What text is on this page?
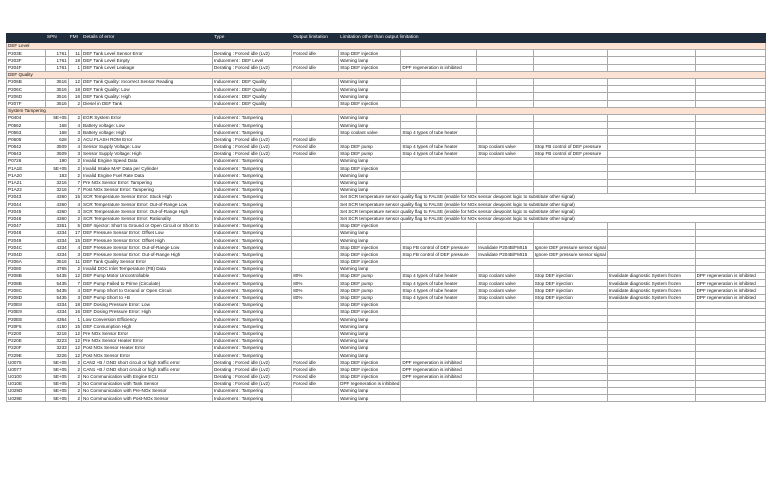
	SPN	FMI	Details of error	Type	Output limitation	Limitation other than output limitation					
DEF Level											
P203E	1761	11	DEF Tank Level Sensor Error	Derating : Forced idle (Lv2)	Forced idle	Stop DEF injection					
P203F	1761	18	DEF Tank Level Empty	Inducement : DEF Level		Warning lamp					
P204F	1761	1	DEF Tank Level Leakage	Derating : Forced idle (Lv2)	Forced idle	Stop DEF injection	DPF regeneration is inhibited				
DEF Quality											
P206B	3516	12	DEF Tank Quality: Incorrect Sensor Reading	Inducement : DEF Quality		Warning lamp					
P206C	3516	18	DEF Tank Quality: Low	Inducement : DEF Quality		Warning lamp					
P206D	3516	16	DEF Tank Quality: High	Inducement : DEF Quality		Warning lamp					
P207F	3516	2	Diesel in DEF Tank	Inducement : DEF Quality		Stop DEF injection					
System Tampering											
P0404	5E+05	2	EGR System Error	Inducement : Tampering		Warning lamp					
P0562	168	4	Battery voltage: Low	Inducement : Tampering		Warning lamp					
P0563	168	3	Battery voltage: High	Inducement : Tampering		Stop coolant valve	Stop 4 types of tube heater				
P0605	628	2	ACU FLASH ROM Error	Derating : Forced idle (Lv2)	Forced idle						
P0642	3509	4	Sensor Supply Voltage: Low	Derating : Forced idle (Lv2)	Forced idle	Stop DEF pump	Stop 4 types of tube heater	Stop coolant valve	Stop FB control of DEF pressure		
P0643	3509	3	Sensor Supply Voltage: High	Derating : Forced idle (Lv2)	Forced idle	Stop DEF pump	Stop 4 types of tube heater	Stop coolant valve	Stop FB control of DEF pressure		
P0726	190	2	Invalid Engine Speed Data	Inducement : Tampering		Warning lamp					
P1A1E	5E+05	2	Invalid Intake MAF Data per Cylinder	Inducement : Tampering		Stop DEF injection					
P1A20	183	2	Invalid Engine Fuel Rate Data	Inducement : Tampering		Warning lamp					
P1A21	3216	7	Pre NOx Sensor Error: Tampering	Inducement : Tampering		Warning lamp					
P1A22	3216	7	Post NOx Sensor Error: Tampering	Inducement : Tampering		Warning lamp					
P2043	4360	15	SCR Temperature Sensor Error: Stuck High	Inducement : Tampering		Set SCR temperature sensor quality flag to FALSE (enable for NOx sensor dewpoint logic to substitute other signal)					
P2044	4360	4	SCR Temperature Sensor Error: Out-of-Range Low	Inducement : Tampering		Set SCR temperature sensor quality flag to FALSE (enable for NOx sensor dewpoint logic to substitute other signal)					
P2045	4360	3	SCR Temperature Sensor Error: Out-of-Range High	Inducement : Tampering		Set SCR temperature sensor quality flag to FALSE (enable for NOx sensor dewpoint logic to substitute other signal)					
P2046	4360	2	SCR Temperature Sensor Error: Rationality	Inducement : Tampering		Set SCR temperature sensor quality flag to FALSE (enable for NOx sensor dewpoint logic to substitute other signal)					
P2047	3361	5	DEF Injector: Short to Ground or Open Circuit or Short to	Inducement : Tampering		Stop DEF injection					
P2048	4334	17	DEF Pressure Sensor Error: Offset Low	Inducement : Tampering		Warning lamp					
P2049	4334	15	DEF Pressure Sensor Error: Offset High	Inducement : Tampering		Warning lamp					
P204C	4334	4	DEF Pressure Sensor Error: Out-of-Range Low	Inducement : Tampering		Stop DEF injection	Stop FB control of DEF pressure	Invalidate P204B/FMI15	Ignore DEF pressure sensor signal		
P204D	4334	3	DEF Pressure Sensor Error: Out-of-Range High	Inducement : Tampering		Stop DEF injection	Stop FB control of DEF pressure	Invalidate P204B/FMI15	Ignore DEF pressure sensor signal		
P206A	3516	11	DEF Tank Quality Sensor Error	Inducement : Tampering		Stop DEF injection					
P2080	4765	2	Invalid DOC Inlet Temperature (FB) Data	Inducement : Tampering		Warning lamp					
P208B	5435	12	DEF Pump Motor Uncontrollable	Inducement : Tampering	80%	Stop DEF pump	Stop 4 types of tube heater	Stop coolant valve	Stop DEF injection	Invalidate diagnostic System frozen	DPF regeneration is inhibited
P208B	5435	7	DEF Pump Failed to Prime (Circulate)	Inducement : Tampering	80%	Stop DEF pump	Stop 4 types of tube heater	Stop coolant valve	Stop DEF injection	Invalidate diagnostic System frozen	DPF regeneration is inhibited
P208C	5435	4	DEF Pump Short to Ground or Open Circuit	Inducement : Tampering	80%	Stop DEF pump	Stop 4 types of tube heater	Stop coolant valve	Stop DEF injection	Invalidate diagnostic System frozen	DPF regeneration is inhibited
P208D	5435	3	DEF Pump Short to +B	Inducement : Tampering	80%	Stop DEF pump	Stop 4 types of tube heater	Stop coolant valve	Stop DEF injection	Invalidate diagnostic System frozen	DPF regeneration is inhibited
P20E8	4334	18	DEF Dosing Pressure Error: Low	Inducement : Tampering		Stop DEF injection					
P20E9	4334	16	DEF Dosing Pressure Error: High	Inducement : Tampering		Stop DEF injection					
P20EE	4364	1	Low Conversion Efficiency	Inducement : Tampering		Warning lamp					
P20F5	4150	15	DEF Consumption High	Inducement : Tampering		Warning lamp					
P2200	3216	12	Pre NOx Sensor Error	Inducement : Tampering		Warning lamp					
P220E	3223	12	Pre NOx Sensor Heater Error	Inducement : Tampering		Warning lamp					
P220F	3233	12	Post NOx Sensor Heater Error	Inducement : Tampering		Warning lamp					
P229E	3226	12	Post NOx Sensor Error	Inducement : Tampering		Warning lamp					
U0075	5E+05	2	CAN2 +B / GND short circuit or high traffic error	Derating : Forced idle (Lv2)	Forced idle	Stop DEF injection	DPF regeneration is inhibited				
U0077	5E+05	2	CAN1 +B / GND short circuit or high traffic error	Derating : Forced idle (Lv2)	Forced idle	Stop DEF injection	DPF regeneration is inhibited				
U0100	5E+05	2	No Communication with Engine ECU	Derating : Forced idle (Lv2)	Forced idle	Stop DEF injection	DPF regeneration is inhibited				
U010E	5E+05	2	No Communication with Tank Sensor	Derating : Forced idle (Lv2)	Forced idle	DPF regeneration is inhibited					
U029D	5E+05	2	No Communication with Pre-NOx Sensor	Inducement : Tampering		Warning lamp					
U029E	5E+05	2	No Communication with Post-NOx Sensor	Inducement : Tampering		Warning lamp					
